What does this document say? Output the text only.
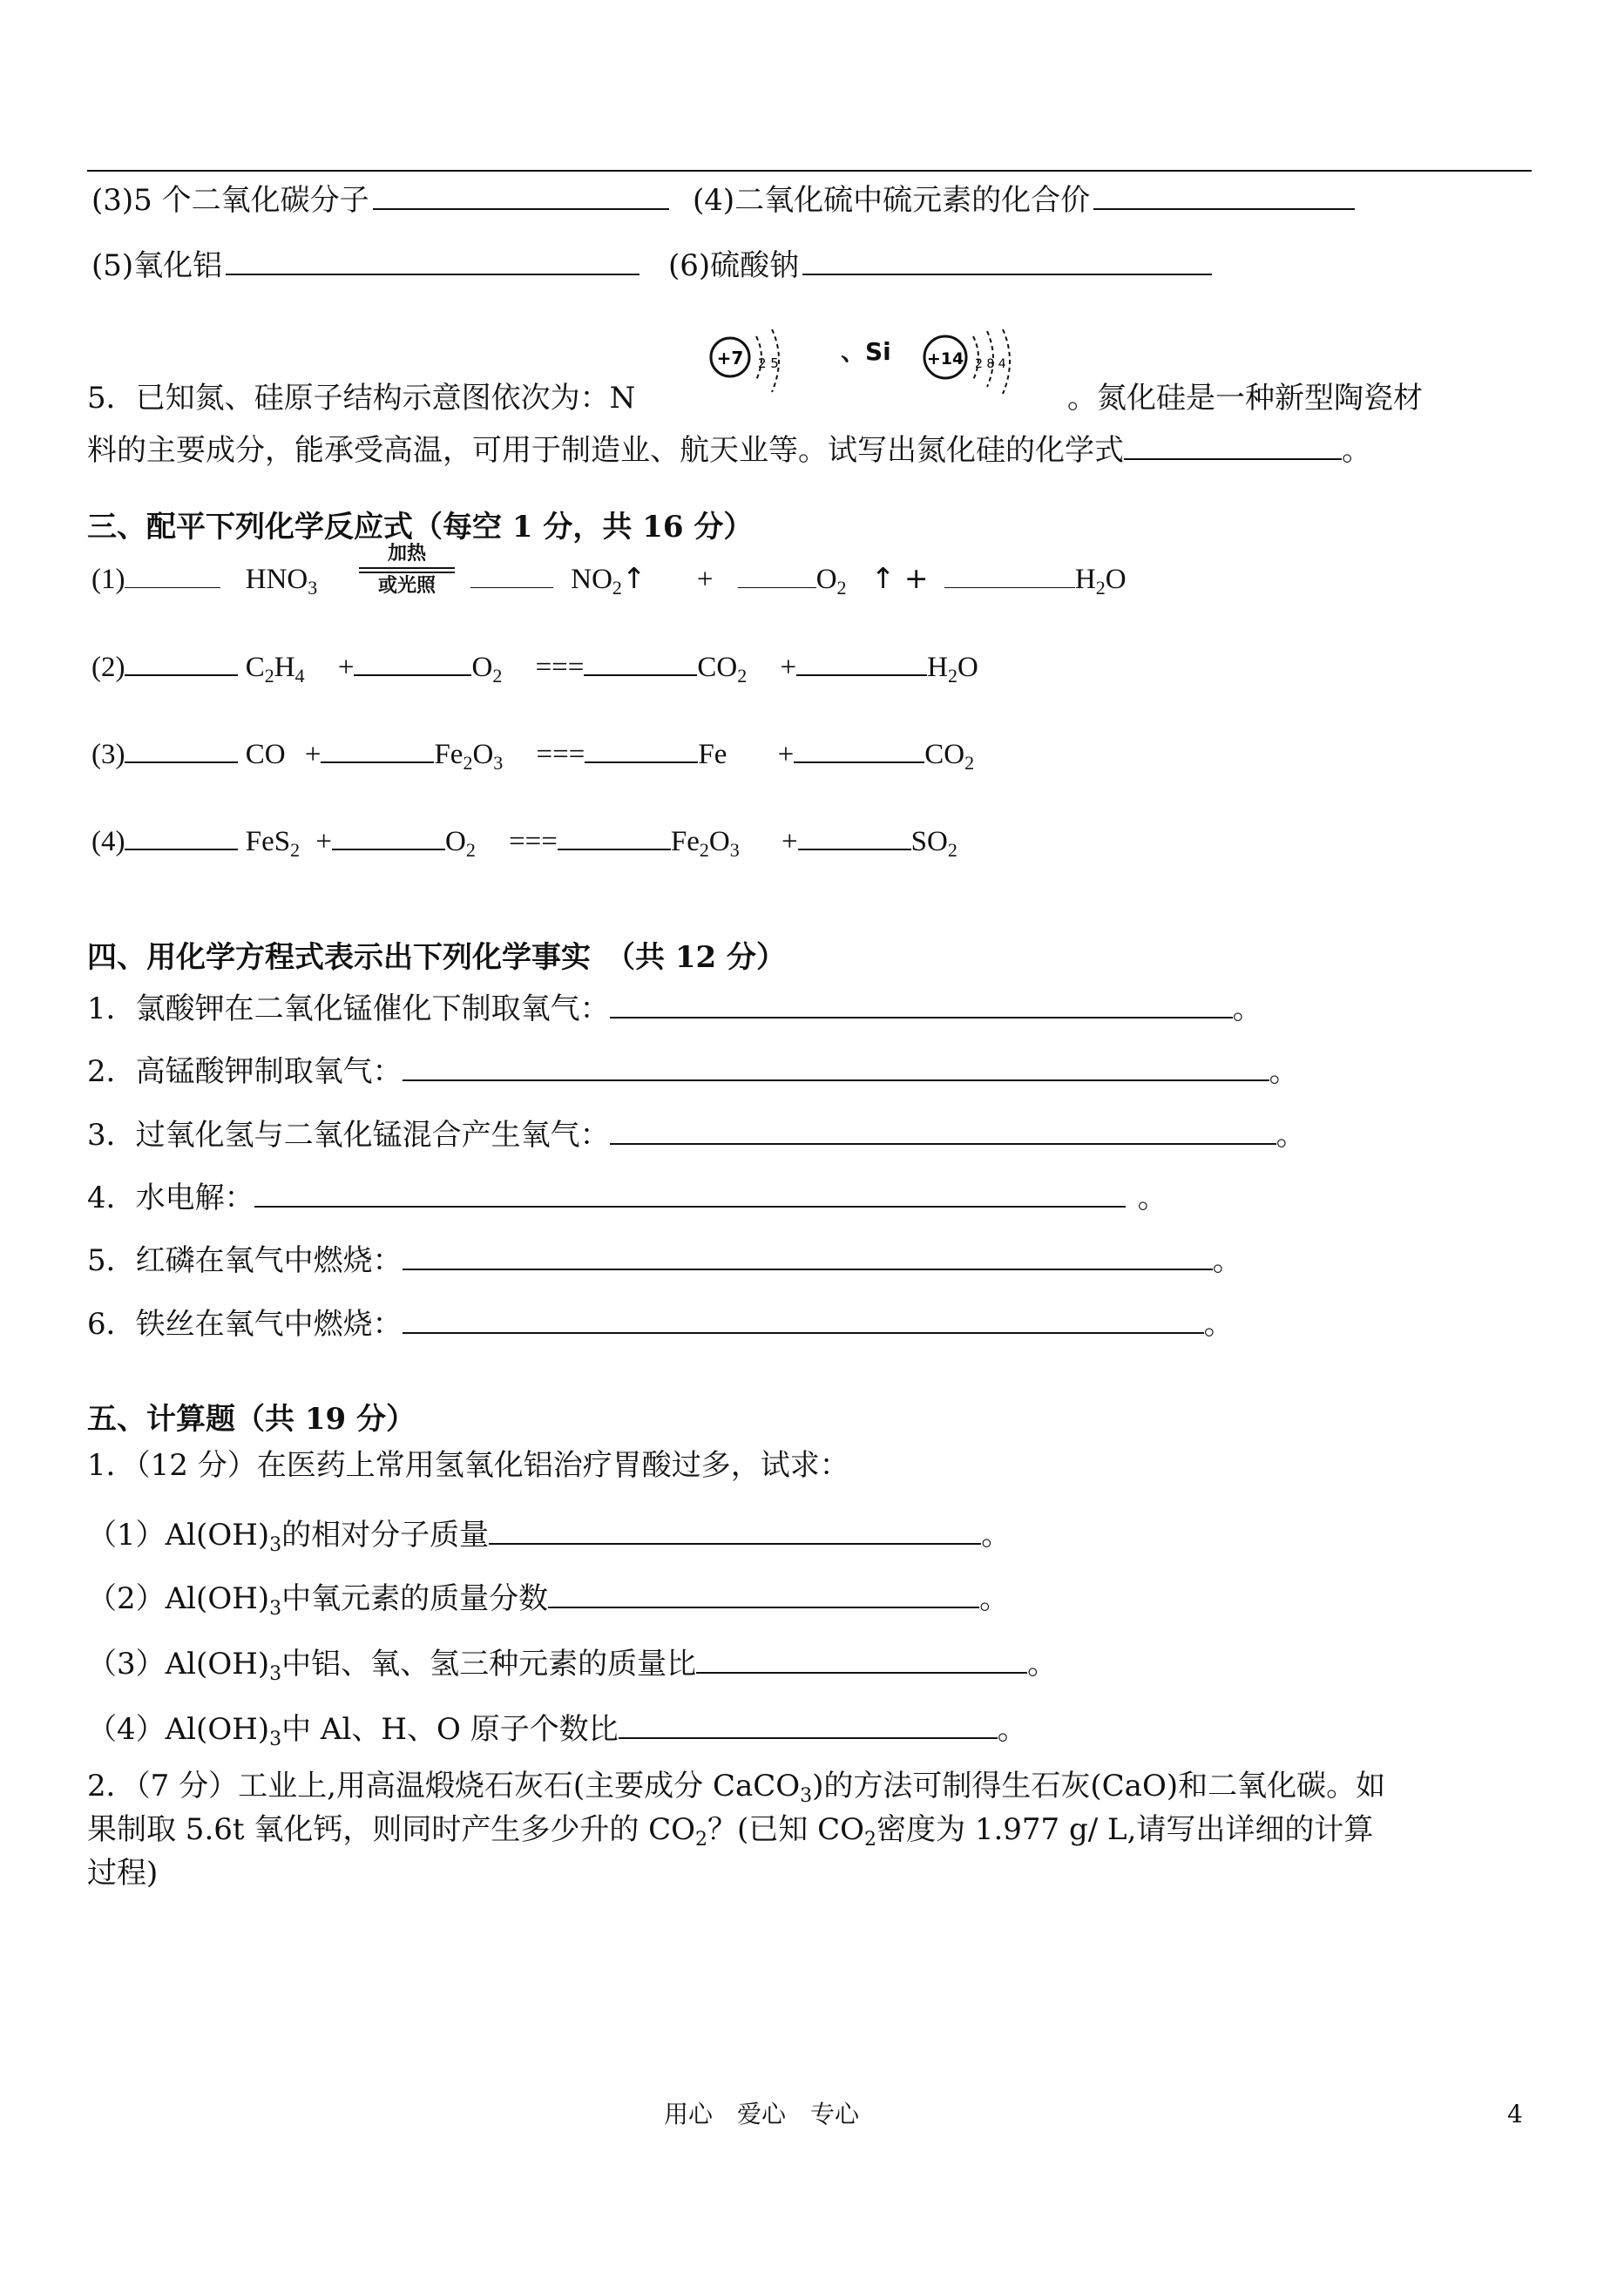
(3)5 个二氧化碳分子	(4)二氧化硫中硫元素的化合价
(5)氧化铝	(6)硫酸钠
5．已知氮、硅原子结构示意图依次为：N
+7 2 5	、Si +14 2 8 4
。氮化硅是一种新型陶瓷材
料的主要成分，能承受高温，可用于制造业、航天业等。试写出氮化硅的化学式	。
三、配平下列化学反应式（每空 1 分，共 16 分）
(1)	$HNO_3$
加热
或光照	$NO_2↑$ +	$O_2$ ↑ +	$H_2O$
(2)	$C_2H_4$ +	$O_2$ ===	$CO_2$ +	$H_2O$
(3)	CO +	$Fe_2O_3$ ===	Fe +	$CO_2$
(4)	FeS$_2$ +	$O_2$ ===	$Fe_2O_3$ +	$SO_2$
四、用化学方程式表示出下列化学事实　（共 12 分）
1．氯酸钾在二氧化锰催化下制取氧气：	。
2．高锰酸钾制取氧气：	。
3．过氧化氢与二氧化锰混合产生氧气：	。
4．水电解：	。
5．红磷在氧气中燃烧：	。
6．铁丝在氧气中燃烧：	。
五、计算题（共 19 分）
1．（12 分）在医药上常用氢氧化铝治疗胃酸过多，试求：
$(1)Al(OH)_3$的相对分子质量	。
$(2)Al(OH)_3$中氧元素的质量分数	。
$(3)Al(OH)_3$中铝、氧、氢三种元素的质量比	。
$(4)Al(OH)_3$中 Al、H、O 原子个数比	。
2．（7 分）工业上,用高温煅烧石灰石(主要成分 CaCO$_3$)的方法可制得生石灰(CaO)和二氧化碳。如
果制取 5.6t 氧化钙，则同时产生多少升的 $CO_2$？(已知 $CO_2$密度为 1.977 g/ L,请写出详细的计算
过程)
用心　爱心　专心	4
